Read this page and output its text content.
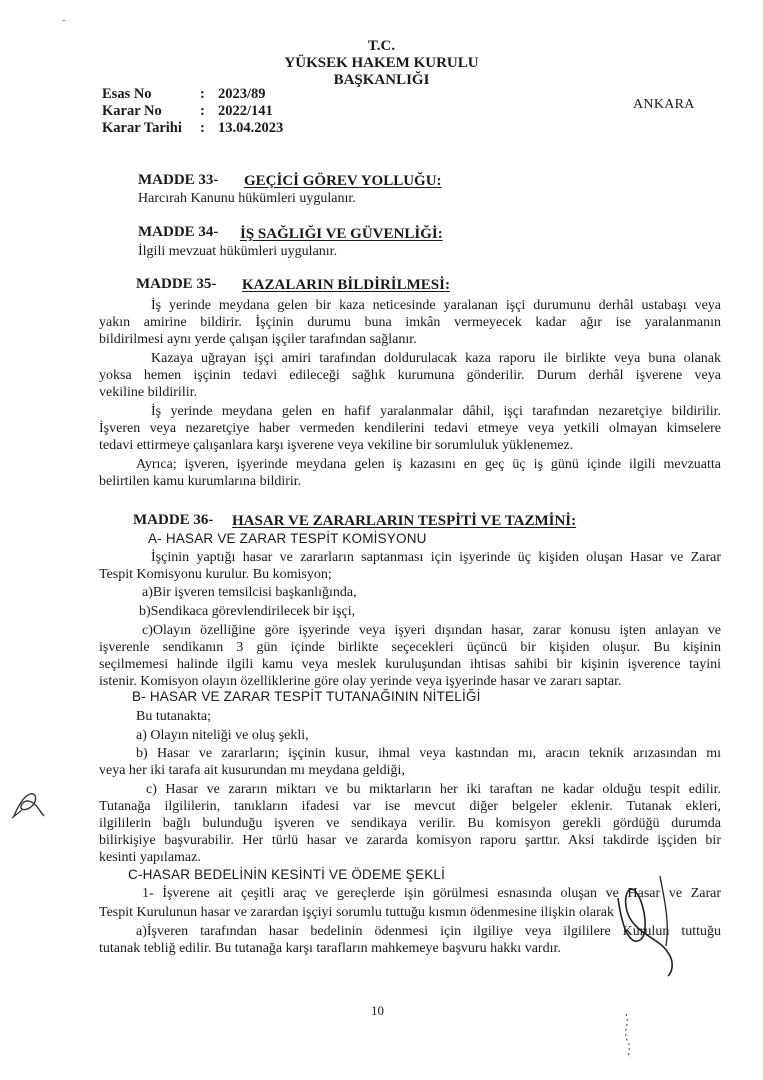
-
T.C.
YÜKSEK HAKEM KURULU
BAŞKANLIĞI
ANKARA
Esas No	: 2023/89
Karar No	: 2022/141
Karar Tarihi : 13.04.2023
MADDE 33- GEÇİCİ GÖREV YOLLUĞU:
Harcırah Kanunu hükümleri uygulanır.
MADDE 34- İŞ SAĞLIĞI VE GÜVENLİĞİ:
İlgili mevzuat hükümleri uygulanır.
MADDE 35- KAZALARIN BİLDİRİLMESİ:
İş yerinde meydana gelen bir kaza neticesinde yaralanan işçi durumunu derhâl ustabaşı veya
yakın amirine bildirir. İşçinin durumu buna imkân vermeyecek kadar ağır ise yaralanmanın
bildirilmesi aynı yerde çalışan işçiler tarafından sağlanır.
Kazaya uğrayan işçi amiri tarafından doldurulacak kaza raporu ile birlikte veya buna olanak
yoksa hemen işçinin tedavi edileceği sağlık kurumuna gönderilir. Durum derhâl işverene veya
vekiline bildirilir.
İş yerinde meydana gelen en hafif yaralanmalar dâhil, işçi tarafından nezaretçiye bildirilir.
İşveren veya nezaretçiye haber vermeden kendilerini tedavi etmeye veya yetkili olmayan kimselere
tedavi ettirmeye çalışanlara karşı işverene veya vekiline bir sorumluluk yüklenemez.
Ayrıca; işveren, işyerinde meydana gelen iş kazasını en geç üç iş günü içinde ilgili mevzuatta
belirtilen kamu kurumlarına bildirir.
MADDE 36- HASAR VE ZARARLARIN TESPİTİ VE TAZMİNİ:
A- HASAR VE ZARAR TESPİT KOMİSYONU
İşçinin yaptığı hasar ve zararların saptanması için işyerinde üç kişiden oluşan Hasar ve Zarar
Tespit Komisyonu kurulur. Bu komisyon;
a)Bir işveren temsilcisi başkanlığında,
b)Sendikaca görevlendirilecek bir işçi,
c)Olayın özelliğine göre işyerinde veya işyeri dışından hasar, zarar konusu işten anlayan ve
işverenle sendikanın 3 gün içinde birlikte seçecekleri üçüncü bir kişiden oluşur. Bu kişinin
seçilmemesi halinde ilgili kamu veya meslek kuruluşundan ihtisas sahibi bir kişinin işverence tayini
istenir. Komisyon olayın özelliklerine göre olay yerinde veya işyerinde hasar ve zararı saptar.
B- HASAR VE ZARAR TESPİT TUTANAĞININ NİTELİĞİ
Bu tutanakta;
a) Olayın niteliği ve oluş şekli,
b) Hasar ve zararların; işçinin kusur, ihmal veya kastından mı, aracın teknik arızasından mı
veya her iki tarafa ait kusurundan mı meydana geldiği,
c) Hasar ve zararın miktarı ve bu miktarların her iki taraftan ne kadar olduğu tespit edilir.
Tutanağa ilgililerin, tanıkların ifadesi var ise mevcut diğer belgeler eklenir. Tutanak ekleri,
ilgililerin bağlı bulunduğu işveren ve sendikaya verilir. Bu komisyon gerekli gördüğü durumda
bilirkişiye başvurabilir. Her türlü hasar ve zararda komisyon raporu şarttır. Aksi takdirde işçiden bir
kesinti yapılamaz.
C-HASAR BEDELİNİN KESİNTİ VE ÖDEME ŞEKLİ
1- İşverene ait çeşitli araç ve gereçlerde işin görülmesi esnasında oluşan ve Hasar ve Zarar
Tespit Kurulunun hasar ve zarardan işçiyi sorumlu tuttuğu kısmın ödenmesine ilişkin olarak
a)İşveren tarafından hasar bedelinin ödenmesi için ilgiliye veya ilgililere Kurulun tuttuğu
tutanak tebliğ edilir. Bu tutanağa karşı tarafların mahkemeye başvuru hakkı vardır.
10
